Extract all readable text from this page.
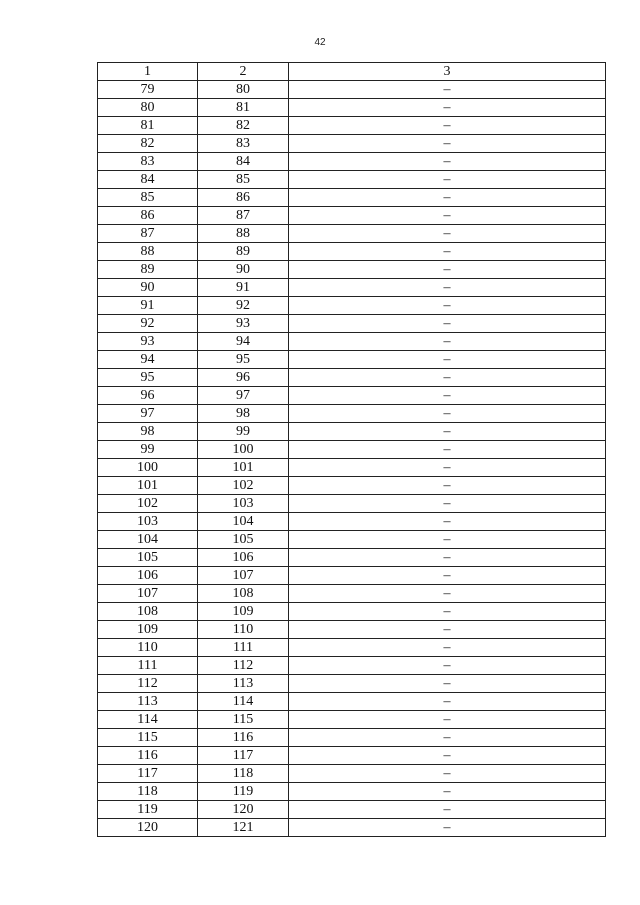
42
1	2	3
79	80	–
80	81	–
81	82	–
82	83	–
83	84	–
84	85	–
85	86	–
86	87	–
87	88	–
88	89	–
89	90	–
90	91	–
91	92	–
92	93	–
93	94	–
94	95	–
95	96	–
96	97	–
97	98	–
98	99	–
99	100	–
100	101	–
101	102	–
102	103	–
103	104	–
104	105	–
105	106	–
106	107	–
107	108	–
108	109	–
109	110	–
110	111	–
111	112	–
112	113	–
113	114	–
114	115	–
115	116	–
116	117	–
117	118	–
118	119	–
119	120	–
120	121	–
